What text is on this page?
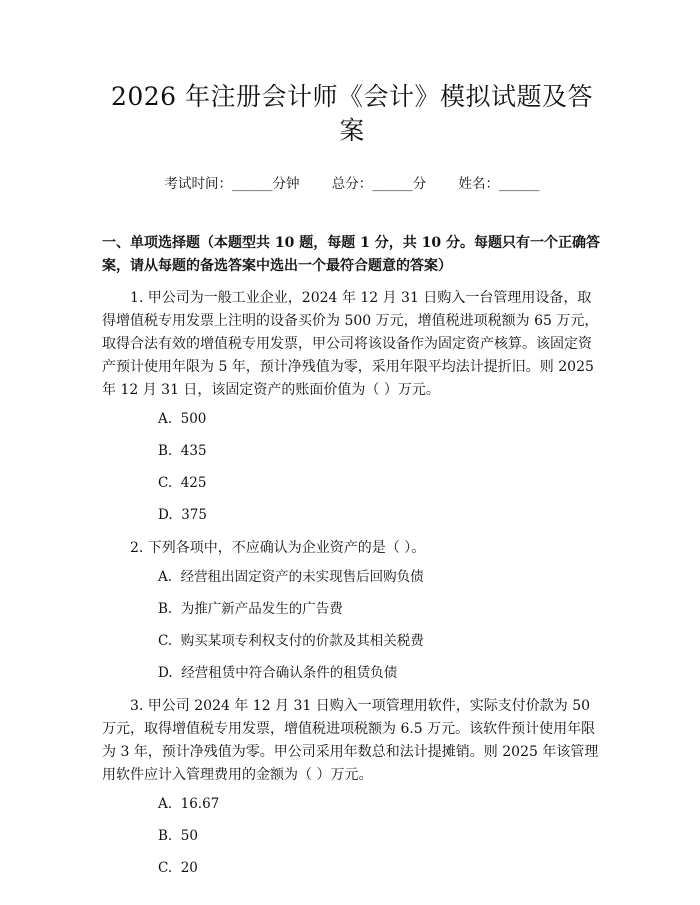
2026 年注册会计师《会计》模拟试题及答案
考试时间：______分钟 总分：______分 姓名：______
一、单项选择题（本题型共 10 题，每题 1 分，共 10 分。每题只有一个正确答案，请从每题的备选答案中选出一个最符合题意的答案）
1. 甲公司为一般工业企业，2024 年 12 月 31 日购入一台管理用设备，取得增值税专用发票上注明的设备买价为 500 万元，增值税进项税额为 65 万元，取得合法有效的增值税专用发票，甲公司将该设备作为固定资产核算。该固定资产预计使用年限为 5 年，预计净残值为零，采用年限平均法计提折旧。则 2025 年 12 月 31 日，该固定资产的账面价值为（ ）万元。
A.  500
B.  435
C.  425
D.  375
2. 下列各项中，不应确认为企业资产的是（ ）。
A.  经营租出固定资产的未实现售后回购负债
B.  为推广新产品发生的广告费
C.  购买某项专利权支付的价款及其相关税费
D.  经营租赁中符合确认条件的租赁负债
3. 甲公司 2024 年 12 月 31 日购入一项管理用软件，实际支付价款为 50 万元，取得增值税专用发票，增值税进项税额为 6.5 万元。该软件预计使用年限为 3 年，预计净残值为零。甲公司采用年数总和法计提摊销。则 2025 年该管理用软件应计入管理费用的金额为（ ）万元。
A.  16.67
B.  50
C.  20
